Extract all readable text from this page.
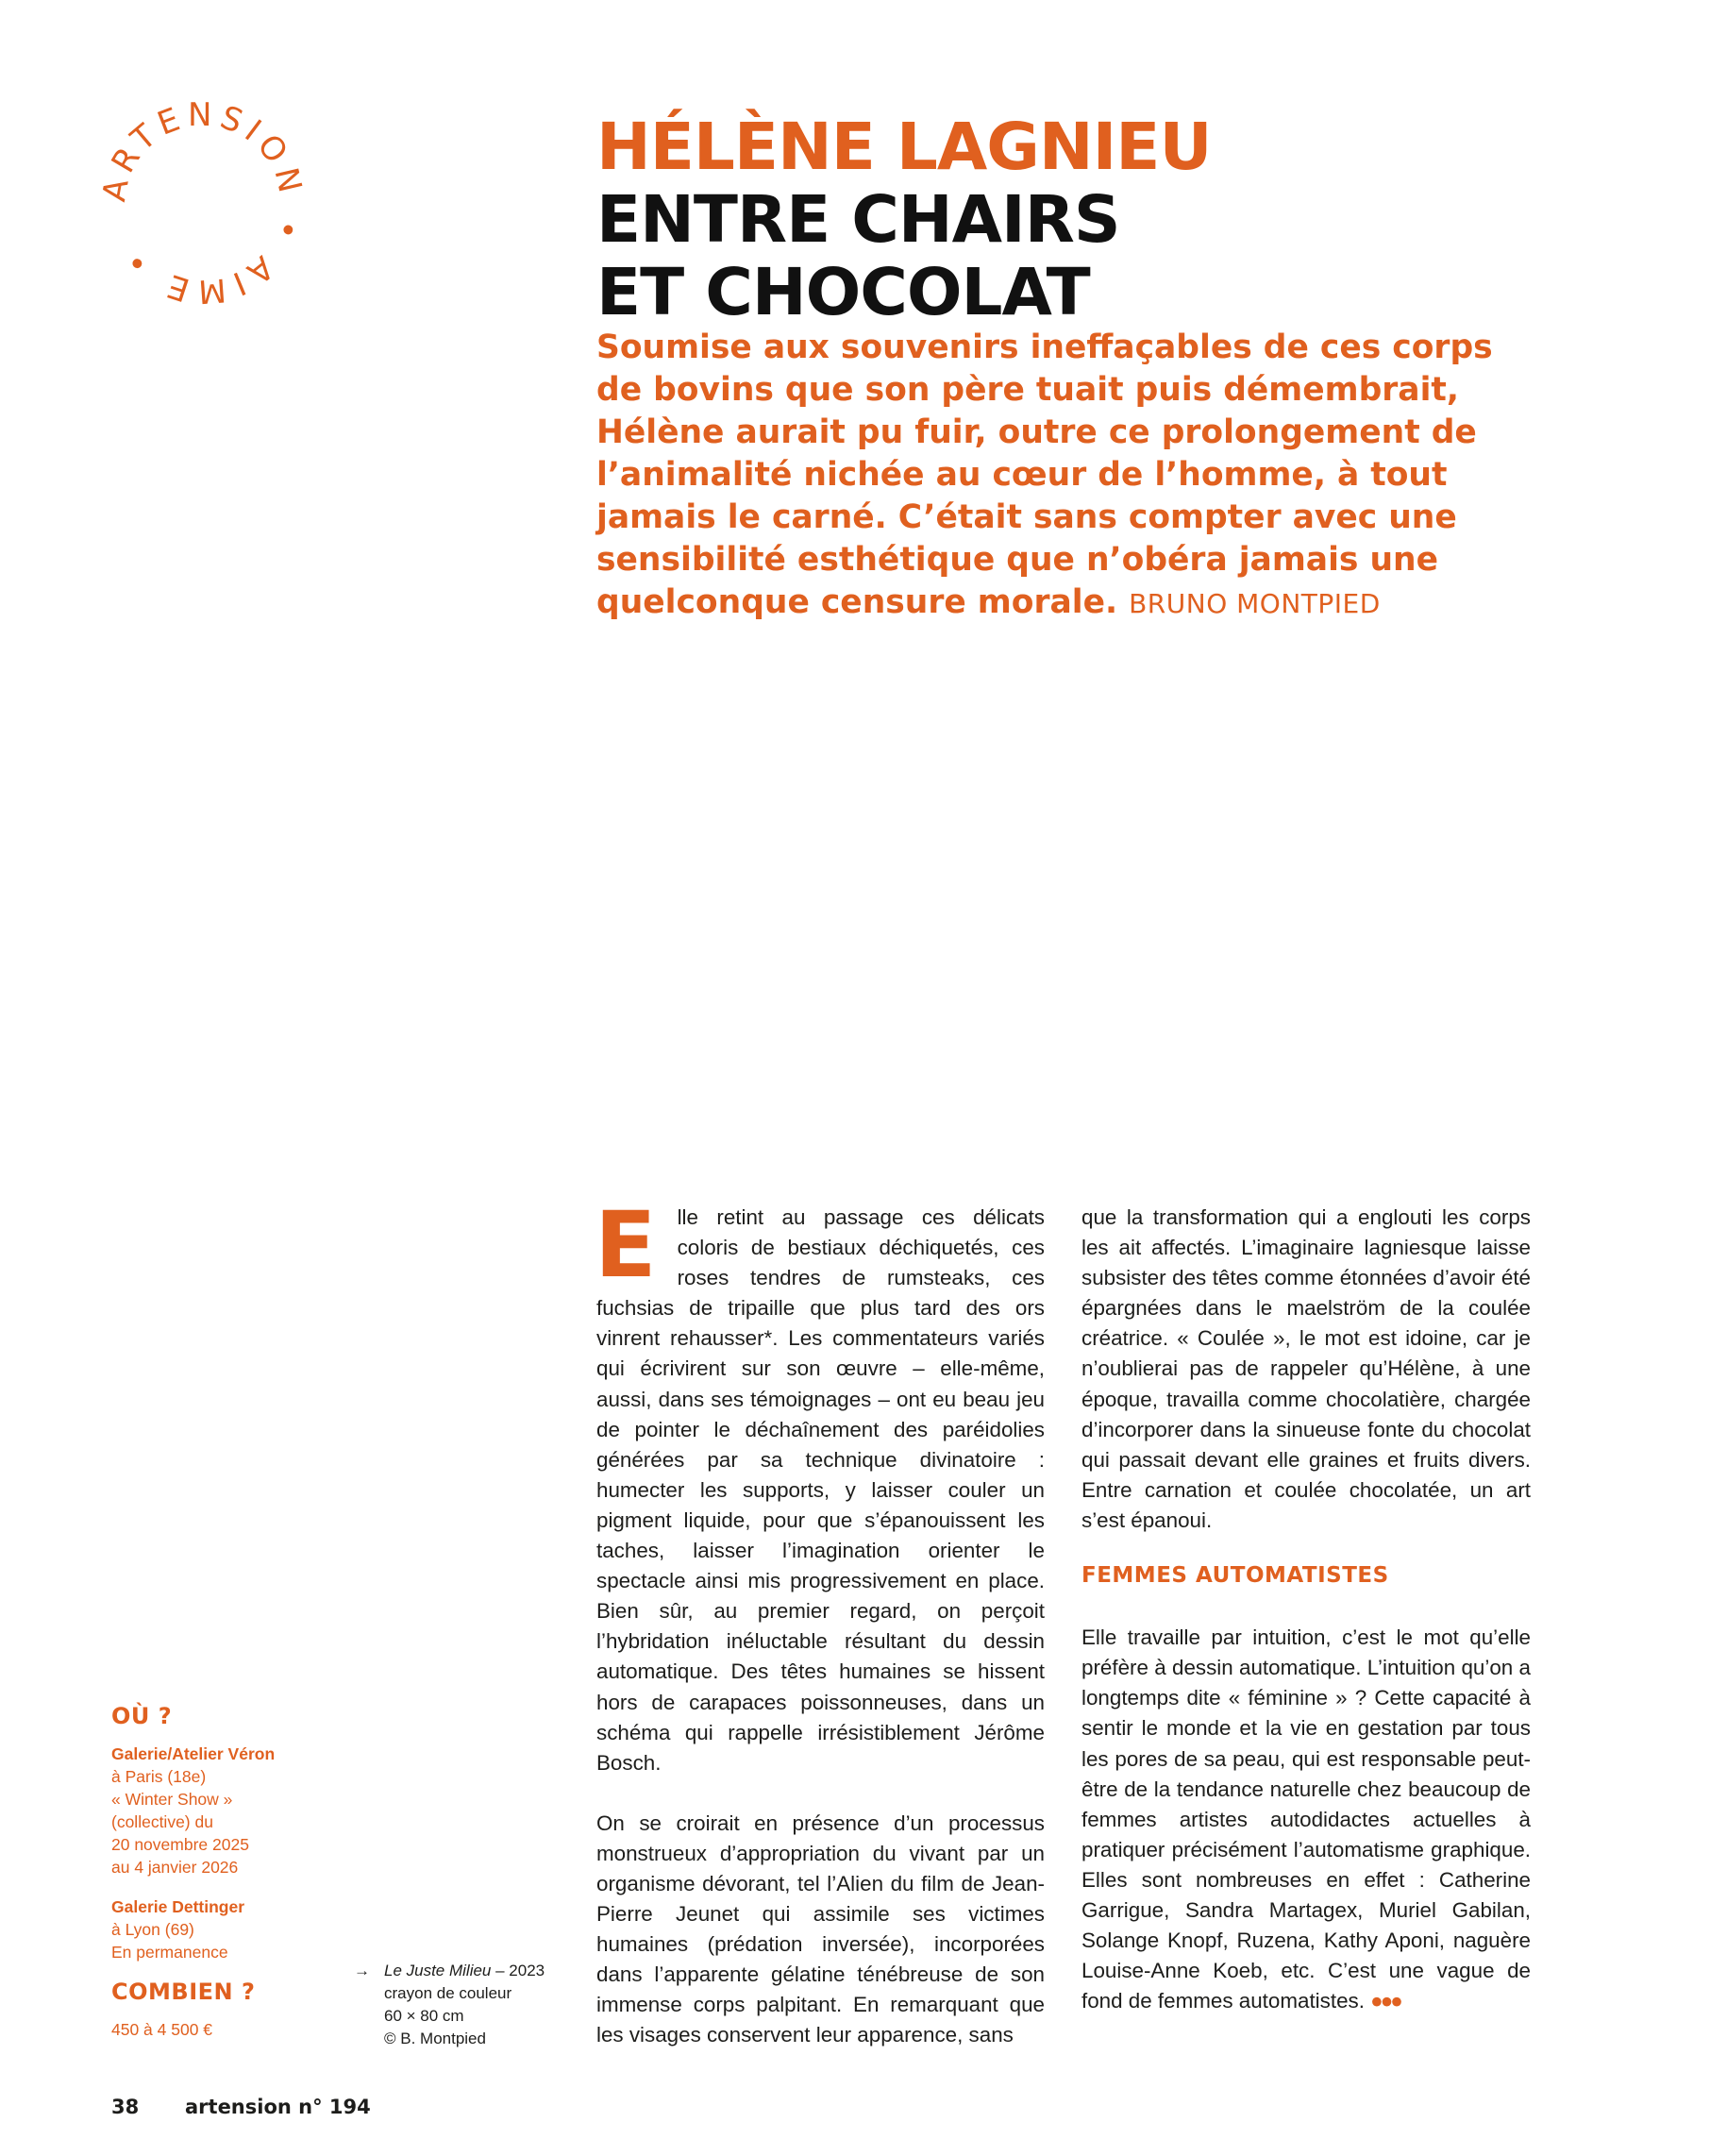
ARTENSION • AIME •
HÉLÈNE LAGNIEU
ENTRE CHAIRS
ET CHOCOLAT

Soumise aux souvenirs ineffaçables de ces corps de bovins que son père tuait puis démembrait, Hélène aurait pu fuir, outre ce prolongement de l’animalité nichée au cœur de l’homme, à tout jamais le carné. C’était sans compter avec une sensibilité esthétique que n’obéra jamais une quelconque censure morale. BRUNO MONTPIED

Elle retint au passage ces délicats coloris de bestiaux déchiquetés, ces roses tendres de rumsteaks, ces fuchsias de tripaille que plus tard des ors vinrent rehausser*. Les commentateurs variés qui écrivirent sur son œuvre – elle-même, aussi, dans ses témoignages – ont eu beau jeu de pointer le déchaînement des paréidolies générées par sa technique divinatoire : humecter les supports, y laisser couler un pigment liquide, pour que s’épanouissent les taches, laisser l’imagination orienter le spectacle ainsi mis progressivement en place. Bien sûr, au premier regard, on perçoit l’hybridation inéluctable résultant du dessin automatique. Des têtes humaines se hissent hors de carapaces poissonneuses, dans un schéma qui rappelle irrésistiblement Jérôme Bosch.

On se croirait en présence d’un processus monstrueux d’appropriation du vivant par un organisme dévorant, tel l’Alien du film de Jean-Pierre Jeunet qui assimile ses victimes humaines (prédation inversée), incorporées dans l’apparente gélatine ténébreuse de son immense corps palpitant. En remarquant que les visages conservent leur apparence, sans

que la transformation qui a englouti les corps les ait affectés. L’imaginaire lagniesque laisse subsister des têtes comme étonnées d’avoir été épargnées dans le maelström de la coulée créatrice. « Coulée », le mot est idoine, car je n’oublierai pas de rappeler qu’Hélène, à une époque, travailla comme chocolatière, chargée d’incorporer dans la sinueuse fonte du chocolat qui passait devant elle graines et fruits divers. Entre carnation et coulée chocolatée, un art s’est épanoui.

FEMMES AUTOMATISTES

Elle travaille par intuition, c’est le mot qu’elle préfère à dessin automatique. L’intuition qu’on a longtemps dite « féminine » ? Cette capacité à sentir le monde et la vie en gestation par tous les pores de sa peau, qui est responsable peut-être de la tendance naturelle chez beaucoup de femmes artistes autodidactes actuelles à pratiquer précisément l’automatisme graphique. Elles sont nombreuses en effet : Catherine Garrigue, Sandra Martagex, Muriel Gabilan, Solange Knopf, Ruzena, Kathy Aponi, naguère Louise-Anne Koeb, etc. C’est une vague de fond de femmes automatistes. ●●●

OÙ ?
Galerie/Atelier Véron
à Paris (18e)
« Winter Show »
(collective) du
20 novembre 2025
au 4 janvier 2026
Galerie Dettinger
à Lyon (69)
En permanence
COMBIEN ?
450 à 4 500 €
→ Le Juste Milieu – 2023
crayon de couleur
60 × 80 cm
© B. Montpied
38 artension n° 194
